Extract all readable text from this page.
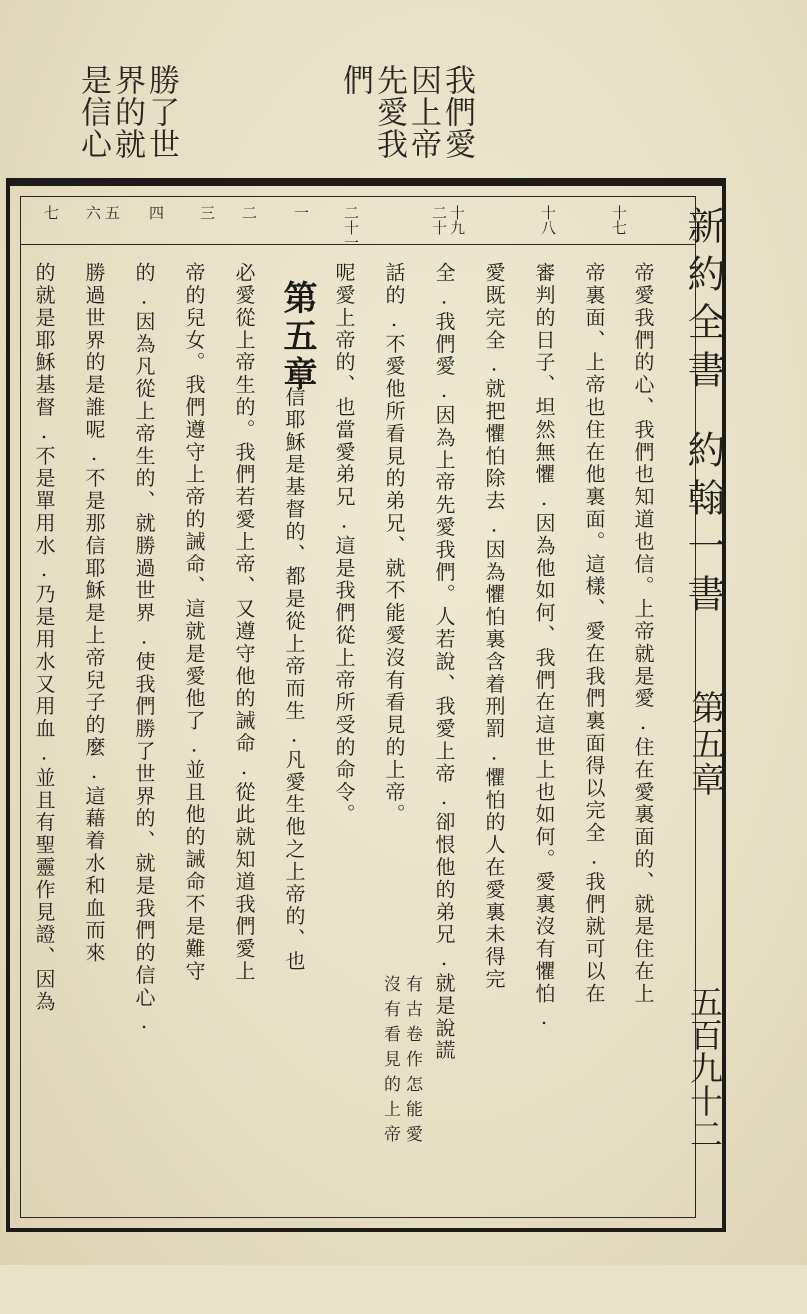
我們愛
因上帝
先愛我
們
勝了世
界的就
是信心
新約全書
約翰一書
第五章
五百九十二
十七
十八
十九
二十
二十一
一
二
三
四
五
六
七
第五章	帝愛我們的心、我們也知道也信。上帝就是愛.住在愛裏面的、就是住在上
帝裏面、上帝也住在他裏面。這樣、愛在我們裏面得以完全.我們就可以在
審判的日子、坦然無懼.因為他如何、我們在這世上也如何。愛裏沒有懼怕.
愛既完全.就把懼怕除去.因為懼怕裏含着刑罰.懼怕的人在愛裏未得完
全.我們愛.因為上帝先愛我們。人若說、我愛上帝.卻恨他的弟兄.就是說謊
話的.不愛他所看見的弟兄、就不能愛沒有看見的上帝。
呢愛上帝的、也當愛弟兄.這是我們從上帝所受的命令。
凡信耶穌是基督的、都是從上帝而生.凡愛生他之上帝的、也
必愛從上帝生的。我們若愛上帝、又遵守他的誡命.從此就知道我們愛上
帝的兒女。我們遵守上帝的誡命、這就是愛他了.並且他的誡命不是難守
的.因為凡從上帝生的、就勝過世界.使我們勝了世界的、就是我們的信心.
勝過世界的是誰呢.不是那信耶穌是上帝兒子的麼.這藉着水和血而來
的就是耶穌基督.不是單用水.乃是用水又用血.並且有聖靈作見證、因為
有古卷作怎能愛
沒有看見的上帝
